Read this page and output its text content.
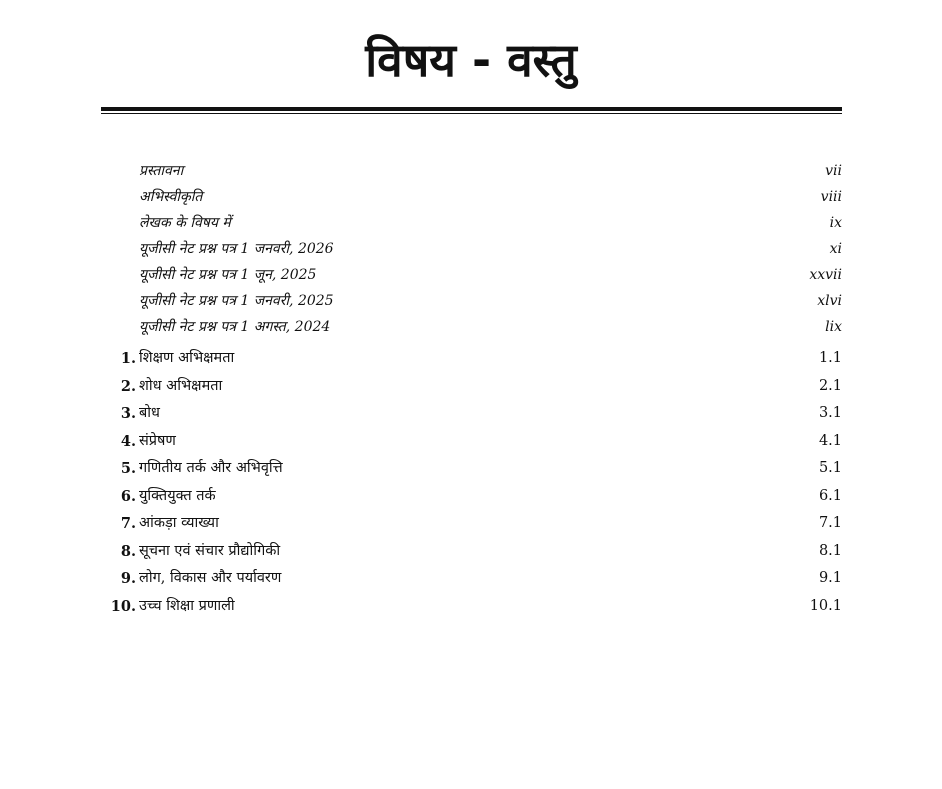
विषय - वस्तु
प्रस्तावना	vii
अभिस्वीकृति	viii
लेखक के विषय में	ix
यूजीसी नेट प्रश्न पत्र 1 जनवरी, 2026	xi
यूजीसी नेट प्रश्न पत्र 1 जून, 2025	xxvii
यूजीसी नेट प्रश्न पत्र 1 जनवरी, 2025	xlvi
यूजीसी नेट प्रश्न पत्र 1 अगस्त, 2024	lix
1. शिक्षण अभिक्षमता	1.1
2. शोध अभिक्षमता	2.1
3. बोध	3.1
4. संप्रेषण	4.1
5. गणितीय तर्क और अभिवृत्ति	5.1
6. युक्तियुक्त तर्क	6.1
7. आंकड़ा व्याख्या	7.1
8. सूचना एवं संचार प्रौद्योगिकी	8.1
9. लोग, विकास और पर्यावरण	9.1
10. उच्च शिक्षा प्रणाली	10.1
